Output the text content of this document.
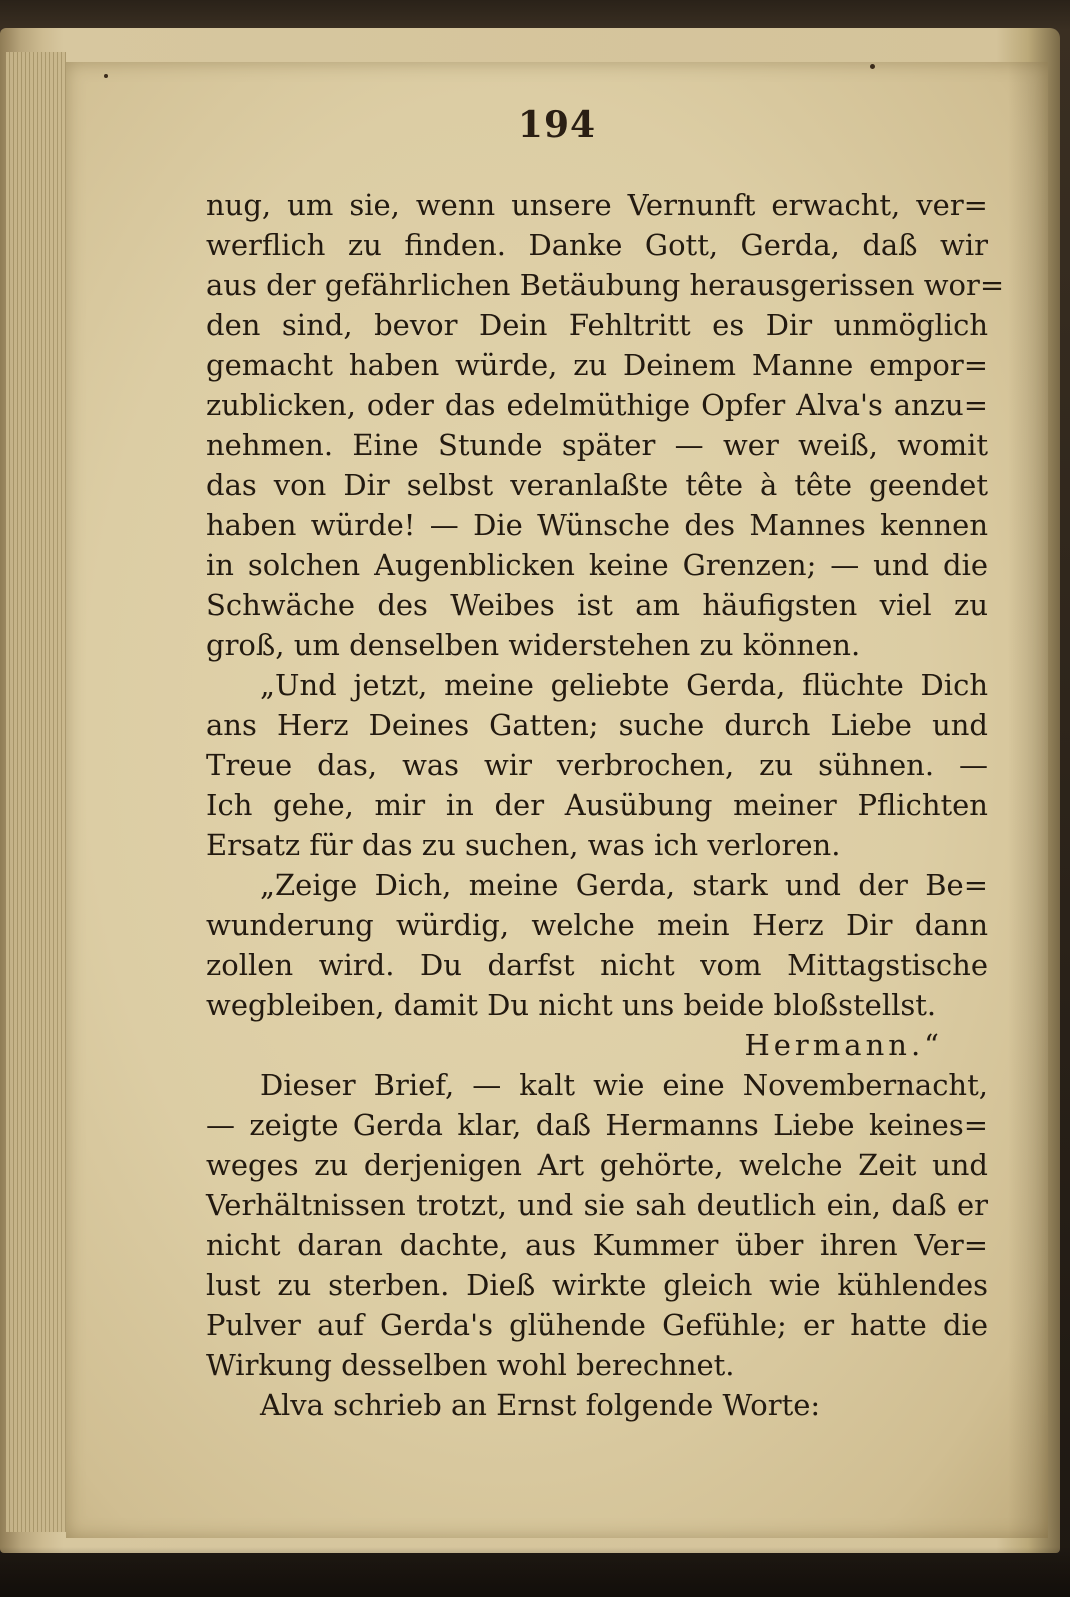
194
nug, um sie, wenn unsere Vernunft erwacht, ver=
werflich zu finden. Danke Gott, Gerda, daß wir
aus der gefährlichen Betäubung herausgerissen wor=
den sind, bevor Dein Fehltritt es Dir unmöglich
gemacht haben würde, zu Deinem Manne empor=
zublicken, oder das edelmüthige Opfer Alva's anzu=
nehmen. Eine Stunde später — wer weiß, womit
das von Dir selbst veranlaßte tête à tête geendet
haben würde! — Die Wünsche des Mannes kennen
in solchen Augenblicken keine Grenzen; — und die
Schwäche des Weibes ist am häufigsten viel zu
groß, um denselben widerstehen zu können.
„Und jetzt, meine geliebte Gerda, flüchte Dich
ans Herz Deines Gatten; suche durch Liebe und
Treue das, was wir verbrochen, zu sühnen. —
Ich gehe, mir in der Ausübung meiner Pflichten
Ersatz für das zu suchen, was ich verloren.
„Zeige Dich, meine Gerda, stark und der Be=
wunderung würdig, welche mein Herz Dir dann
zollen wird. Du darfst nicht vom Mittagstische
wegbleiben, damit Du nicht uns beide bloßstellst.
Hermann.“
Dieser Brief, — kalt wie eine Novembernacht,
— zeigte Gerda klar, daß Hermanns Liebe keines=
weges zu derjenigen Art gehörte, welche Zeit und
Verhältnissen trotzt, und sie sah deutlich ein, daß er
nicht daran dachte, aus Kummer über ihren Ver=
lust zu sterben. Dieß wirkte gleich wie kühlendes
Pulver auf Gerda's glühende Gefühle; er hatte die
Wirkung desselben wohl berechnet.
Alva schrieb an Ernst folgende Worte:
